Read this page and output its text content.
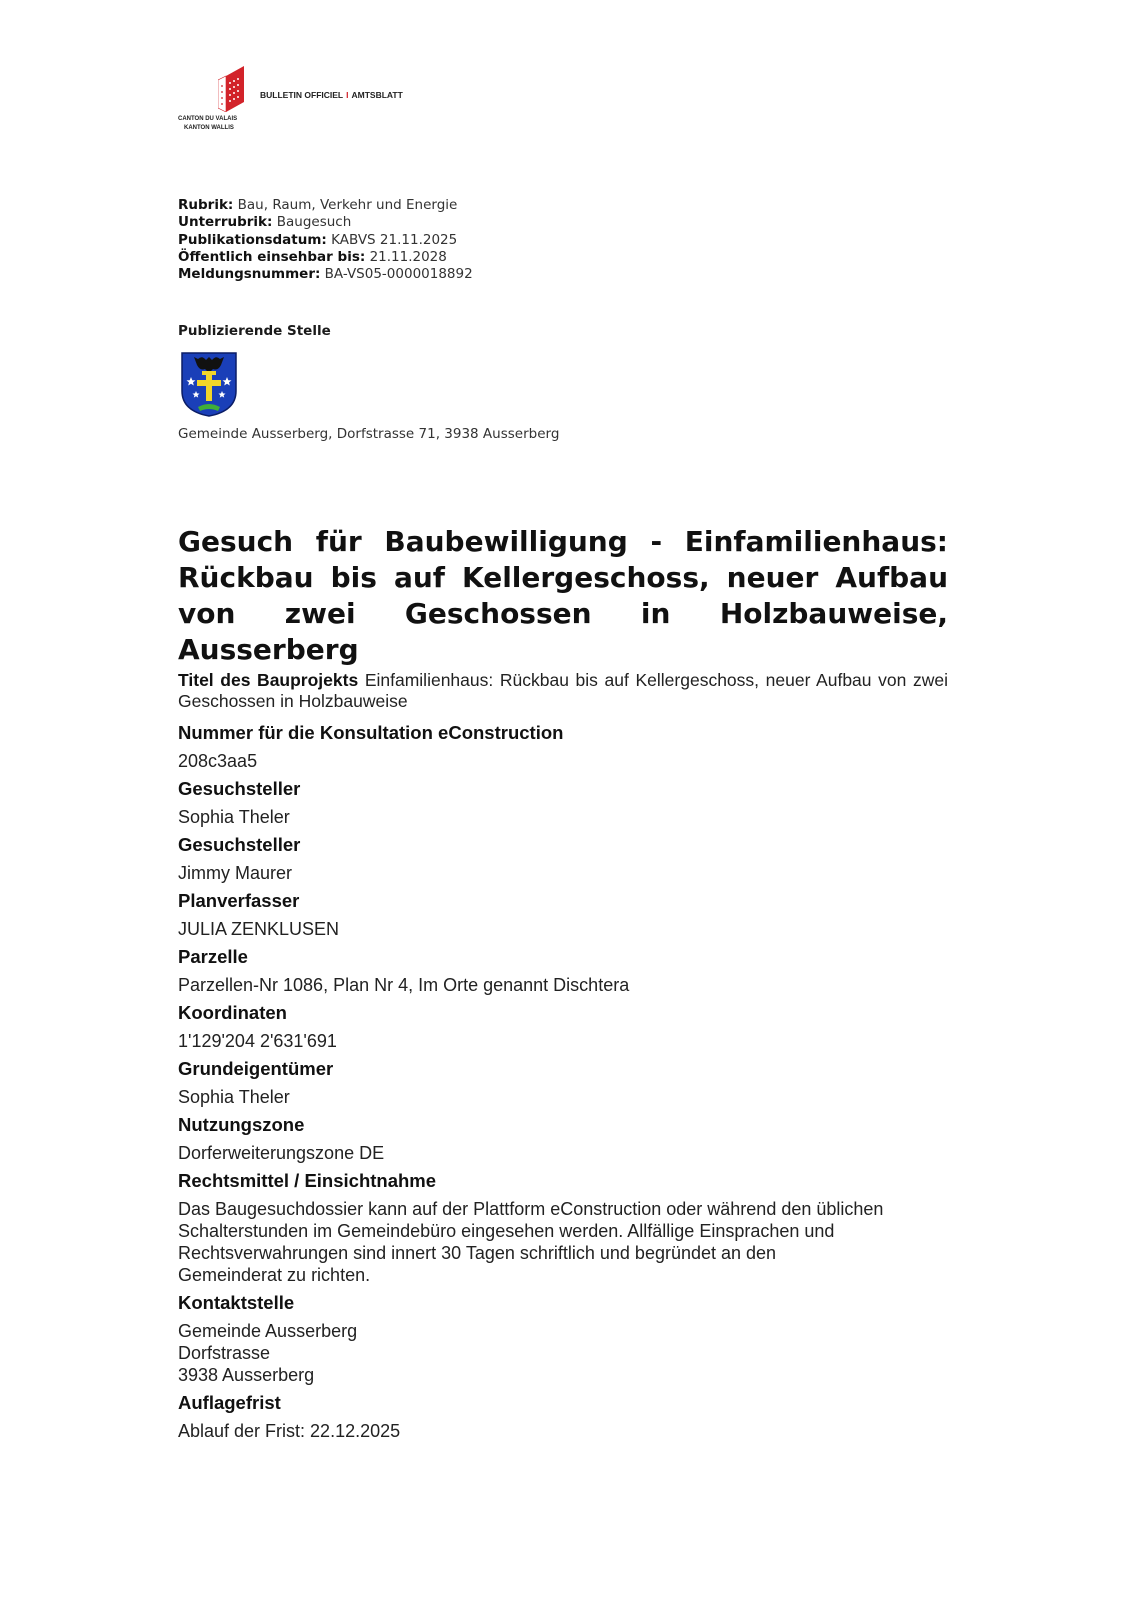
CANTON DU VALAIS
KANTON WALLIS
BULLETIN OFFICIEL I AMTSBLATT
Rubrik: Bau, Raum, Verkehr und Energie
Unterrubrik: Baugesuch
Publikationsdatum: KABVS 21.11.2025
Öffentlich einsehbar bis: 21.11.2028
Meldungsnummer: BA-VS05-0000018892
Publizierende Stelle
Gemeinde Ausserberg, Dorfstrasse 71, 3938 Ausserberg
Gesuch für Baubewilligung - Einfamilienhaus: Rückbau bis auf Kellergeschoss, neuer Aufbau von zwei Geschossen in Holzbauweise, Ausserberg
Titel des Bauprojekts Einfamilienhaus: Rückbau bis auf Kellergeschoss, neuer Aufbau von zwei Geschossen in Holzbauweise
Nummer für die Konsultation eConstruction
208c3aa5
Gesuchsteller
Sophia Theler
Gesuchsteller
Jimmy Maurer
Planverfasser
JULIA ZENKLUSEN
Parzelle
Parzellen-Nr 1086, Plan Nr 4, Im Orte genannt Dischtera
Koordinaten
1'129'204 2'631'691
Grundeigentümer
Sophia Theler
Nutzungszone
Dorferweiterungszone DE
Rechtsmittel / Einsichtnahme
Das Baugesuchdossier kann auf der Plattform eConstruction oder während den üblichen
Schalterstunden im Gemeindebüro eingesehen werden. Allfällige Einsprachen und
Rechtsverwahrungen sind innert 30 Tagen schriftlich und begründet an den
Gemeinderat zu richten.
Kontaktstelle
Gemeinde Ausserberg
Dorfstrasse
3938 Ausserberg
Auflagefrist
Ablauf der Frist: 22.12.2025
